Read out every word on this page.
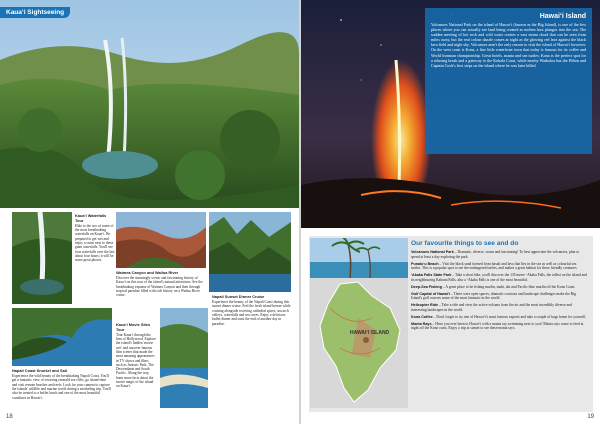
Kaua‘i Sightseeing
Kaua‘i Waterfalls Tour

Hike to the two of some of the most breathtaking waterfalls on Kaua‘i. Be prepared to get wet and enjoy a swim next to these giant waterfalls. You'll see four waterfalls over the last about four hours; it will be some great photos.

Waimea Canyon and Wailua River

Discover the stunningly scenic and fascinating history of Kaua‘i on this tour of the island's natural attractions. See the breathtaking expanse of Waimea Canyon and then through tropical paradise filled with rich history on a Wailua River cruise.

Napali Coast Snorkel and Sail

Experience the wild beauty of the breathtaking Napali Coast. You'll get a fantastic view of towering emerald sea cliffs, go island-time and visit remote beaches and reefs. Look for your camera to capture the islands' wildlife and marine world during a snorkeling trip. You'll also be treated to a buffet lunch and one of the most beautiful coastlines in Hawai‘i.

Kaua‘i Movie Sites Tour

Tour Kaua‘i through the lens of Hollywood. Explore the island's hidden 'movie sets' and uncover famous film scenes that made the most amazing appearances in TV shows and films such as Jurassic Park, The Descendants and South Pacific. Along the way, learn more facts about the movie magic of the island on Kaua‘i.

Napali Sunset Dinner Cruise

Experience the beauty of the Napali Coast during this sunset dinner cruise. Feel the fresh island breeze while cruising alongside towering cathedral spires, sea arch valleys, waterfalls and sea caves. Enjoy a delicious buffet dinner and toast the end of another day in paradise.

18
Hawai‘i Island

Volcanoes National Park on the island of Hawai‘i (known as the Big Island), is one of the few places where you can actually see land being created as molten lava plunges into the sea. The sudden meeting of hot rock and cold water creates a vast steam cloud that can be seen from miles away, but the real colour dazzle comes at night as the glowing red lava against the black lava field and night sky. Volcanoes aren't the only reason to visit the island of Hawai‘i however. On the west coast is Kona, a fine little waterfront town that today is famous for its coffee and World Ironman championship. Great hotels, manta and sea turtles; Kona is the perfect spot for a relaxing break and a gateway to the Kohala Coast, while nearby Waikoloa has the Hilton and Captain Cook's first steps on the island where he was later killed.

Our favourite things to see and do
Volcanoes National Park – Dramatic, diverse, warm and fascinating! To best appreciate the volcanoes, plan to spend at least a day exploring the park.
Punalu‘u Beach – Visit the black sand formed from basalt and lava that lies in the sea as well as colourful sea turtles. This is a popular spot to see the endangered turtles, and makes a great habitat for these friendly creatures.
‘Akaka Falls State Park – Take a short hike, you'll discover the 135 metre ‘Akaka Falls, the tallest on the island and its neighbouring Kahuna Falls, also a ‘Akaka Falls is one of the most beautiful.
Deep-Sea Fishing – A great place to be fishing marlin, mahi, ahi and Pacific blue marlin off the Kona Coast.
Golf Capital of Hawai‘i – There were open spaces, dramatic contours and landscape challenges make the Big Island's golf courses some of the most fantastic in the world.
Helicopter Ride – Take a ride and view the active volcano from the air and the most incredibly diverse and interesting landscapes in the world.
Kona Coffee – Don't forget to try one of Hawai‘i's most famous exports and take a couple of bags home for yourself.
Manta Rays – Have you ever been to Hawai‘i with a manta ray swimming next to you? Manta rays come to feed at night off the Kona coast. Enjoy a trip at sunset to see these manta rays.
HAWAI‘I ISLAND
19
